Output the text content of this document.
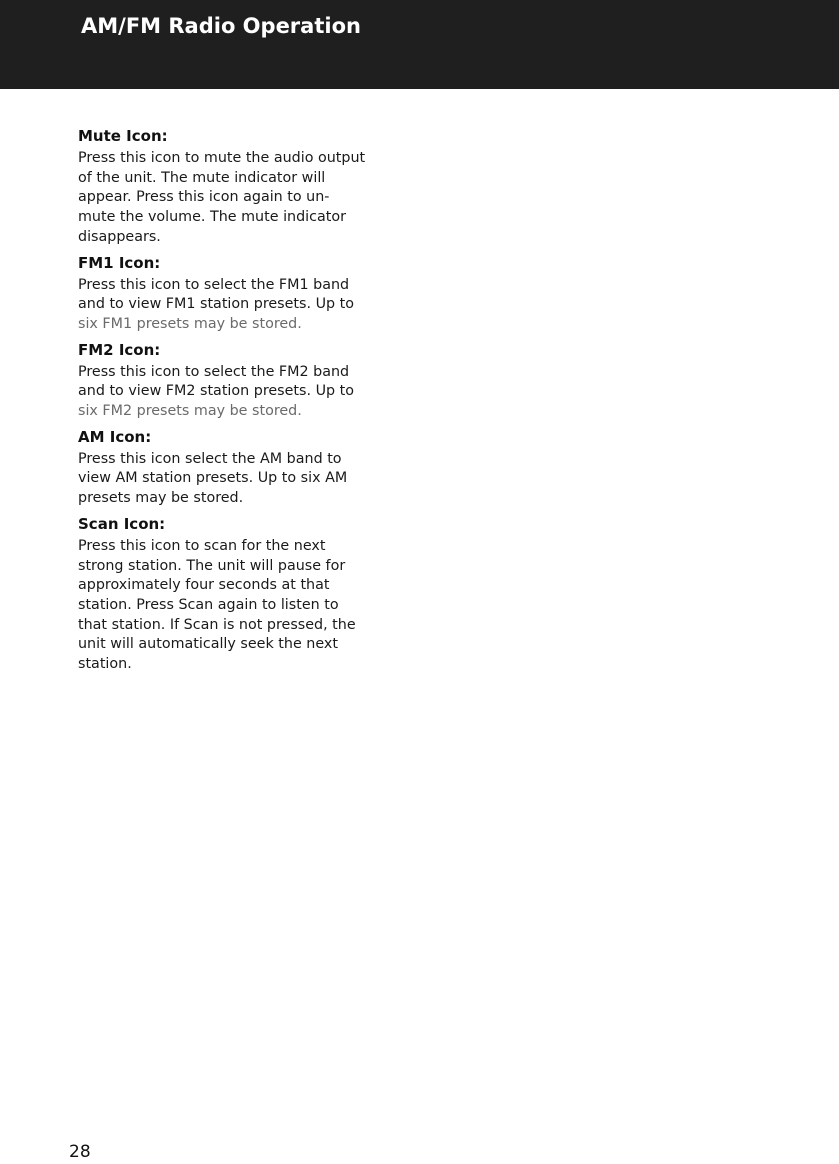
AM/FM Radio Operation

Mute Icon:

Press this icon to mute the audio output
of the unit. The mute indicator will
appear. Press this icon again to un-
mute the volume. The mute indicator
disappears.

FM1 Icon:

Press this icon to select the FM1 band
and to view FM1 station presets. Up to
six FM1 presets may be stored.

FM2 Icon:

Press this icon to select the FM2 band
and to view FM2 station presets. Up to
six FM2 presets may be stored.

AM Icon:

Press this icon select the AM band to
view AM station presets. Up to six AM
presets may be stored.

Scan Icon:

Press this icon to scan for the next
strong station. The unit will pause for
approximately four seconds at that
station. Press Scan again to listen to
that station. If Scan is not pressed, the
unit will automatically seek the next
station.

28
